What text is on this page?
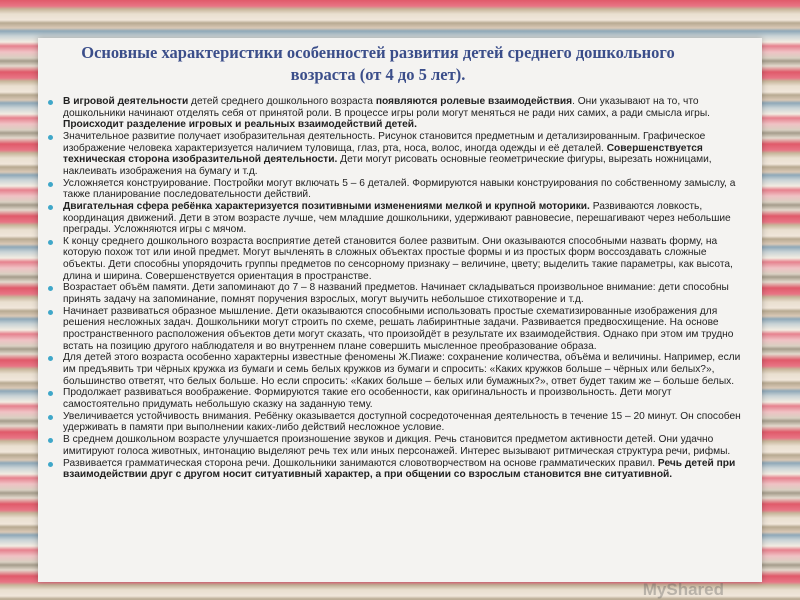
Основные характеристики особенностей развития детей среднего дошкольного возраста (от 4 до 5 лет).
В игровой деятельности детей среднего дошкольного возраста появляются ролевые взаимодействия. Они указывают на то, что дошкольники начинают отделять себя от принятой роли. В процессе игры роли могут меняться не ради них самих, а ради смысла игры. Происходит разделение игровых и реальных взаимодействий детей.
Значительное развитие получает изобразительная деятельность. Рисунок становится предметным и детализированным. Графическое изображение человека характеризуется наличием туловища, глаз, рта, носа, волос, иногда одежды и её деталей. Совершенствуется техническая сторона изобразительной деятельности. Дети могут рисовать основные геометрические фигуры, вырезать ножницами, наклеивать изображения на бумагу и т.д.
Усложняется конструирование. Постройки могут включать 5 – 6 деталей. Формируются навыки конструирования по собственному замыслу, а также планирование последовательности действий.
Двигательная сфера ребёнка характеризуется позитивными изменениями мелкой и крупной моторики. Развиваются ловкость, координация движений. Дети в этом возрасте лучше, чем младшие дошкольники, удерживают равновесие, перешагивают через небольшие преграды. Усложняются игры с мячом.
К концу среднего дошкольного возраста восприятие детей становится более развитым. Они оказываются способными назвать форму, на которую похож тот или иной предмет. Могут вычленять в сложных объектах простые формы и из простых форм воссоздавать сложные объекты. Дети способны упорядочить группы предметов по сенсорному признаку – величине, цвету; выделить такие параметры, как высота, длина и ширина. Совершенствуется ориентация в пространстве.
Возрастает объём памяти. Дети запоминают до 7 – 8 названий предметов. Начинает складываться произвольное внимание: дети способны принять задачу на запоминание, помнят поручения взрослых, могут выучить небольшое стихотворение и т.д.
Начинает развиваться образное мышление. Дети оказываются способными использовать простые схематизированные изображения для решения несложных задач. Дошкольники могут строить по схеме, решать лабиринтные задачи. Развивается предвосхищение. На основе пространственного расположения объектов дети могут сказать, что произойдёт в результате их взаимодействия. Однако при этом им трудно встать на позицию другого наблюдателя и во внутреннем плане совершить мысленное преобразование образа.
Для детей этого возраста особенно характерны известные феномены Ж.Пиаже: сохранение количества, объёма и величины. Например, если им предъявить три чёрных кружка из бумаги и семь белых кружков из бумаги и спросить: «Каких кружков больше – чёрных или белых?», большинство ответят, что белых больше. Но если спросить: «Каких больше – белых или бумажных?», ответ будет таким же – больше белых.
Продолжает развиваться воображение. Формируются такие его особенности, как оригинальность и произвольность. Дети могут самостоятельно придумать небольшую сказку на заданную тему.
Увеличивается устойчивость внимания. Ребёнку оказывается доступной сосредоточенная деятельность в течение 15 – 20 минут. Он способен удерживать в памяти при выполнении каких-либо действий несложное условие.
В среднем дошкольном возрасте улучшается произношение звуков и дикция. Речь становится предметом активности детей. Они удачно имитируют голоса животных, интонацию выделяют речь тех или иных персонажей. Интерес вызывают ритмическая структура речи, рифмы.
Развивается грамматическая сторона речи. Дошкольники занимаются словотворчеством на основе грамматических правил. Речь детей при взаимодействии друг с другом носит ситуативный характер, а при общении со взрослым становится вне ситуативной.
MyShared
